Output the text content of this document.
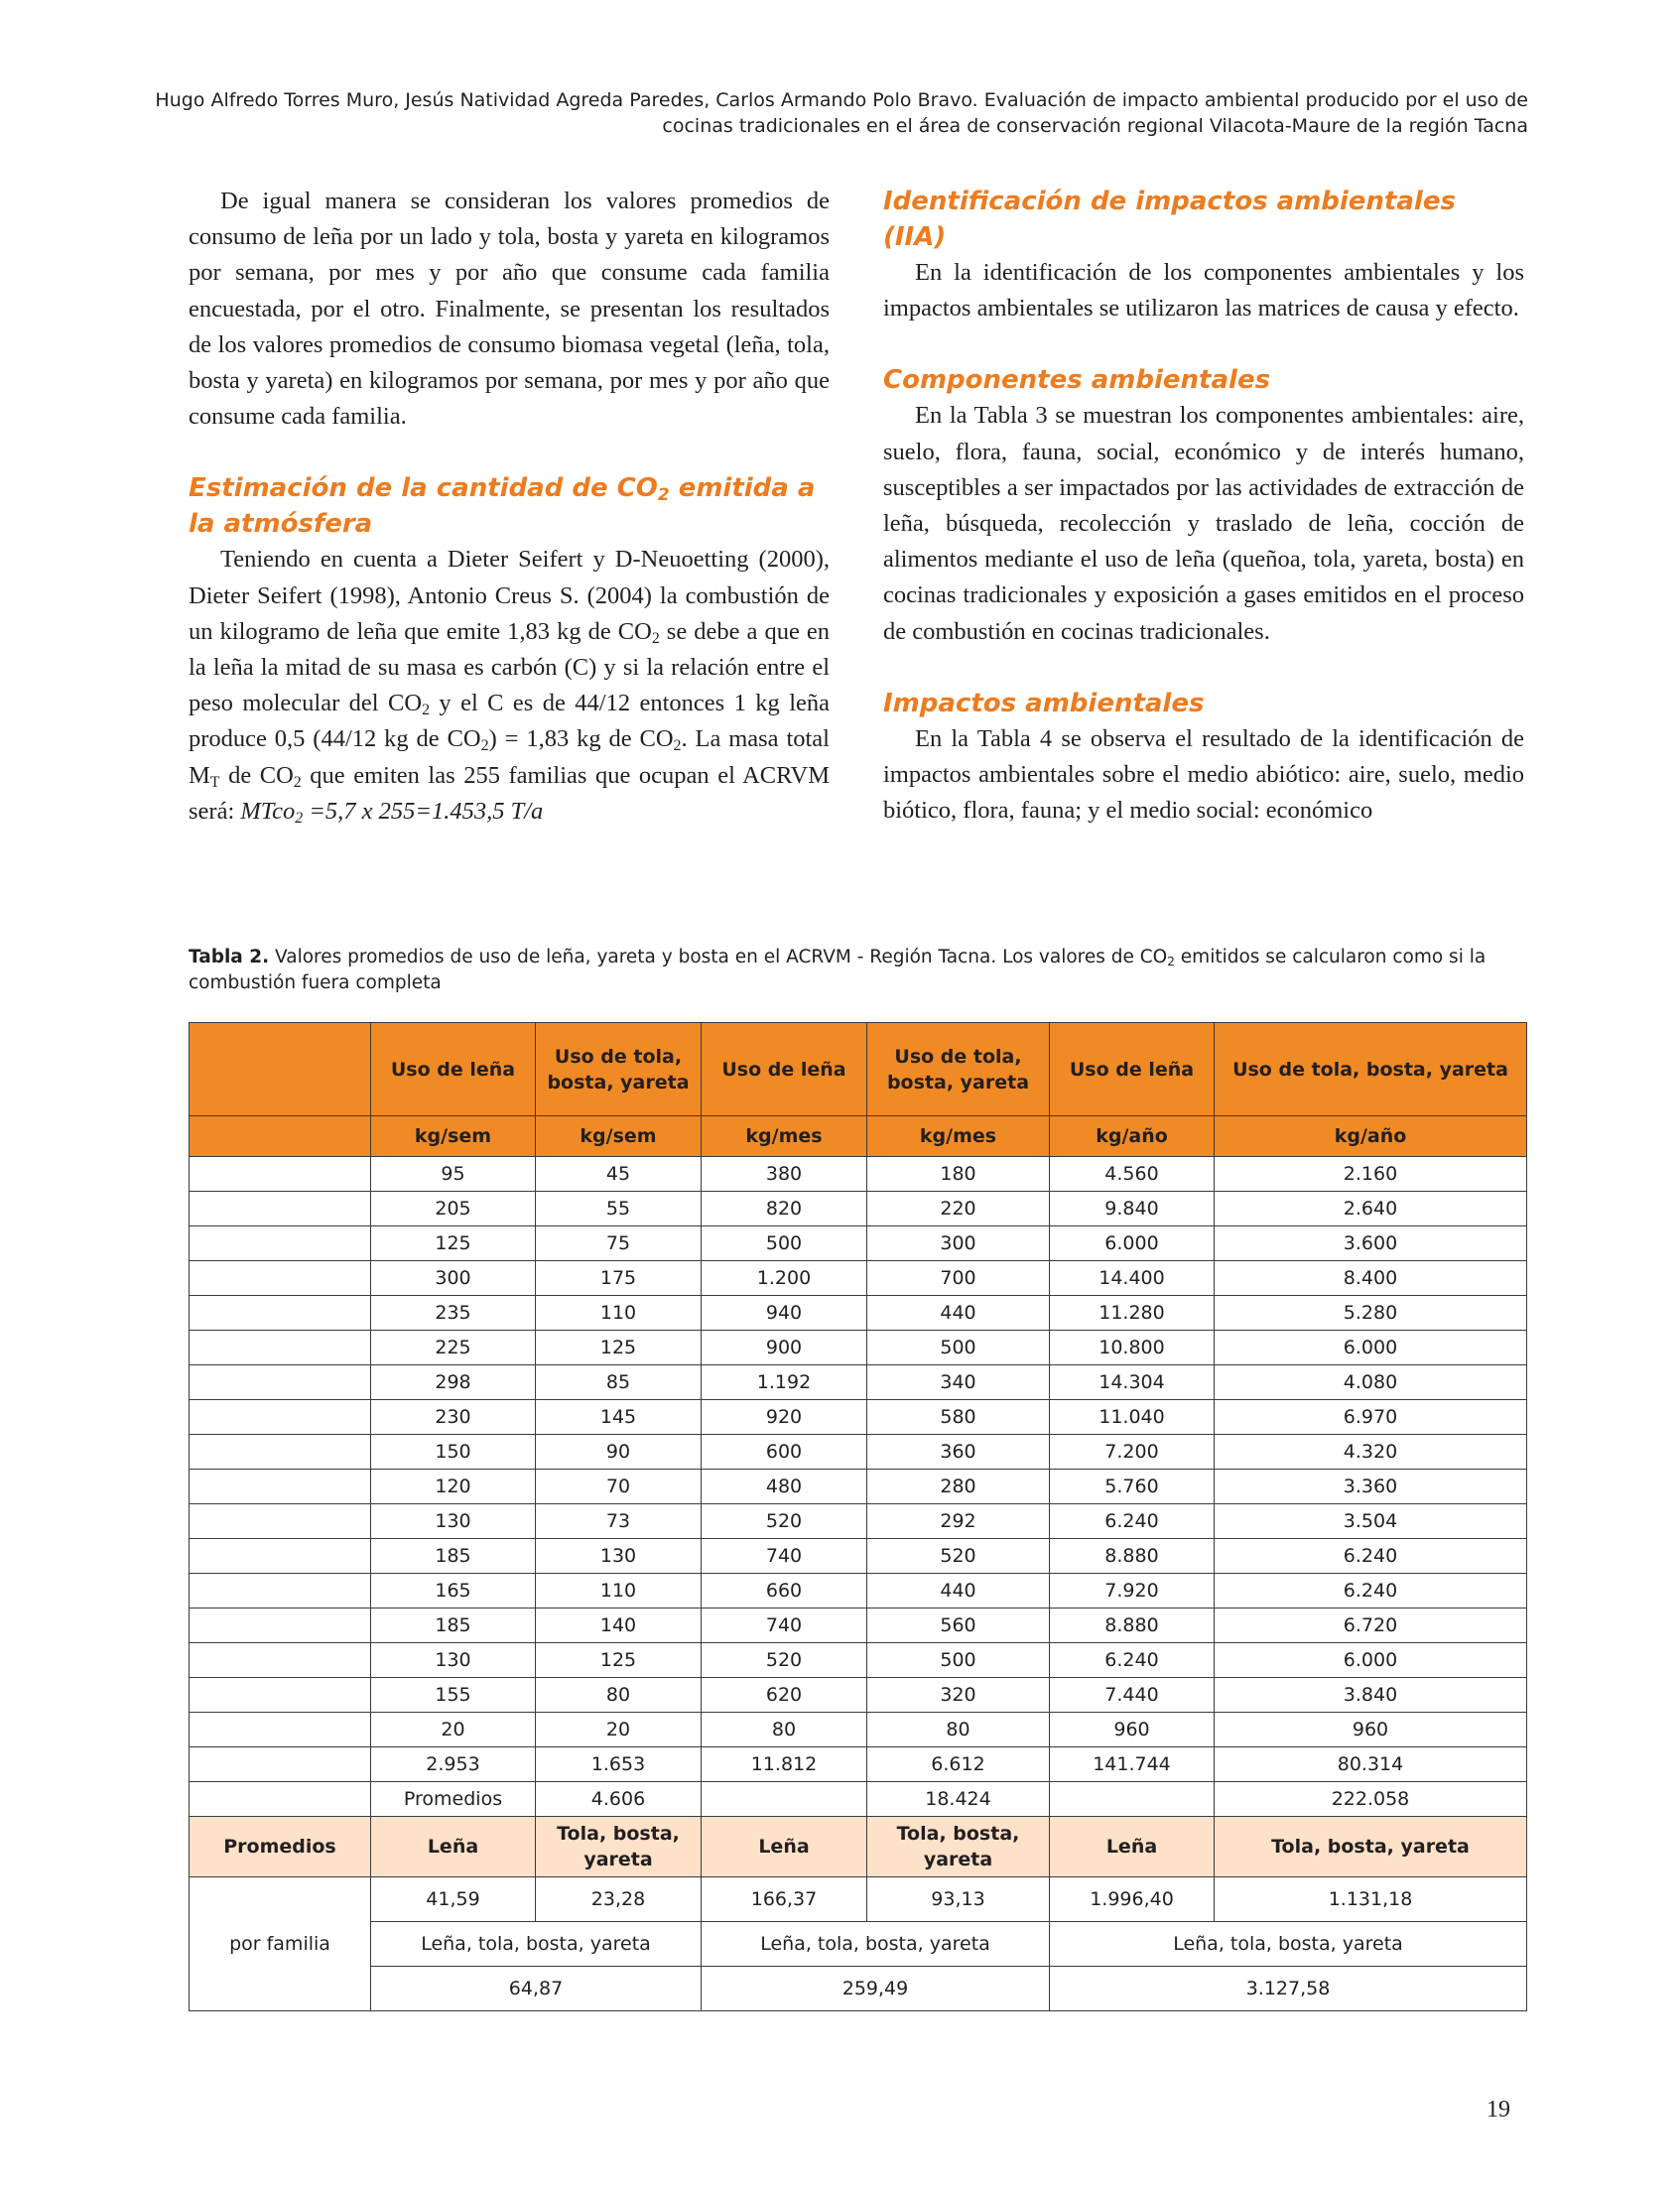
Hugo Alfredo Torres Muro, Jesús Natividad Agreda Paredes, Carlos Armando Polo Bravo. Evaluación de impacto ambiental producido por el uso de
cocinas tradicionales en el área de conservación regional Vilacota-Maure de la región Tacna

De igual manera se consideran los valores promedios de consumo de leña por un lado y tola, bosta y yareta en kilogramos por semana, por mes y por año que consume cada familia encuestada, por el otro. Finalmente, se presentan los resultados de los valores promedios de consumo biomasa vegetal (leña, tola, bosta y yareta) en kilogramos por semana, por mes y por año que consume cada familia.

Estimación de la cantidad de $CO_2$ emitida a la atmósfera

Teniendo en cuenta a Dieter Seifert y D-Neuoetting (2000), Dieter Seifert (1998), Antonio Creus S. (2004) la combustión de un kilogramo de leña que emite 1,83 kg de $CO_2$ se debe a que en la leña la mitad de su masa es carbón (C) y si la relación entre el peso molecular del $CO_2$ y el C es de 44/12 entonces 1 kg leña produce 0,5 (44/12 kg de $CO_2) = 1,83$ kg de $CO_2$. La masa total $M_T$ de $CO_2$ que emiten las 255 familias que ocupan el ACRVM será: MTco$_2$ =5,7 x 255=1.453,5 T/a

Identificación de impactos ambientales (IIA)

En la identificación de los componentes ambientales y los impactos ambientales se utilizaron las matrices de causa y efecto.

Componentes ambientales

En la Tabla 3 se muestran los componentes ambientales: aire, suelo, flora, fauna, social, económico y de interés humano, susceptibles a ser impactados por las actividades de extracción de leña, búsqueda, recolección y traslado de leña, cocción de alimentos mediante el uso de leña (queñoa, tola, yareta, bosta) en cocinas tradicionales y exposición a gases emitidos en el proceso de combustión en cocinas tradicionales.

Impactos ambientales

En la Tabla 4 se observa el resultado de la identificación de impactos ambientales sobre el medio abiótico: aire, suelo, medio biótico, flora, fauna; y el medio social: económico

Tabla 2. Valores promedios de uso de leña, yareta y bosta en el ACRVM - Región Tacna. Los valores de $CO_2$ emitidos se calcularon como si la combustión fuera completa
	Uso de leña	Uso de tola, bosta, yareta	Uso de leña	Uso de tola, bosta, yareta	Uso de leña	Uso de tola, bosta, yareta
	kg/sem	kg/sem	kg/mes	kg/mes	kg/año	kg/año
	95	45	380	180	4.560	2.160
	205	55	820	220	9.840	2.640
	125	75	500	300	6.000	3.600
	300	175	1.200	700	14.400	8.400
	235	110	940	440	11.280	5.280
	225	125	900	500	10.800	6.000
	298	85	1.192	340	14.304	4.080
	230	145	920	580	11.040	6.970
	150	90	600	360	7.200	4.320
	120	70	480	280	5.760	3.360
	130	73	520	292	6.240	3.504
	185	130	740	520	8.880	6.240
	165	110	660	440	7.920	6.240
	185	140	740	560	8.880	6.720
	130	125	520	500	6.240	6.000
	155	80	620	320	7.440	3.840
	20	20	80	80	960	960
	2.953	1.653	11.812	6.612	141.744	80.314
	Promedios	4.606		18.424		222.058
Promedios	Leña	Tola, bosta, yareta	Leña	Tola, bosta, yareta	Leña	Tola, bosta, yareta
por familia	41,59	23,28	166,37	93,13	1.996,40	1.131,18
	Leña, tola, bosta, yareta		Leña, tola, bosta, yareta		Leña, tola, bosta, yareta	
	64,87		259,49		3.127,58	
19
